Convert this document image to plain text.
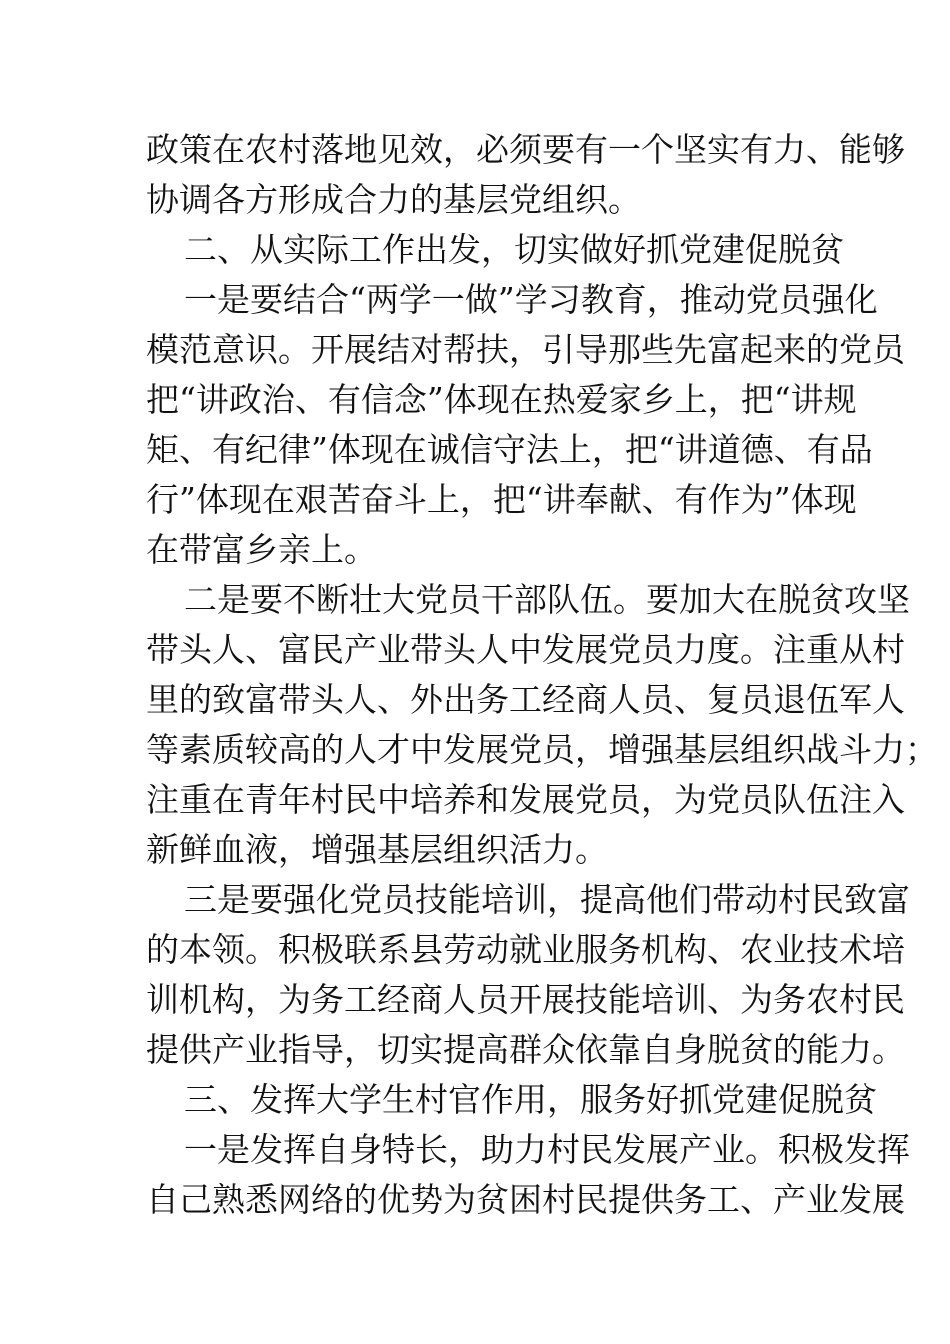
政策在农村落地见效，必须要有一个坚实有力、能够
协调各方形成合力的基层党组织。
二、从实际工作出发，切实做好抓党建促脱贫
一是要结合“两学一做”学习教育，推动党员强化
模范意识。开展结对帮扶，引导那些先富起来的党员
把“讲政治、有信念”体现在热爱家乡上，把“讲规
矩、有纪律”体现在诚信守法上，把“讲道德、有品
行”体现在艰苦奋斗上，把“讲奉献、有作为”体现
在带富乡亲上。
二是要不断壮大党员干部队伍。要加大在脱贫攻坚
带头人、富民产业带头人中发展党员力度。注重从村
里的致富带头人、外出务工经商人员、复员退伍军人
等素质较高的人才中发展党员，增强基层组织战斗力；
注重在青年村民中培养和发展党员，为党员队伍注入
新鲜血液，增强基层组织活力。
三是要强化党员技能培训，提高他们带动村民致富
的本领。积极联系县劳动就业服务机构、农业技术培
训机构，为务工经商人员开展技能培训、为务农村民
提供产业指导，切实提高群众依靠自身脱贫的能力。
三、发挥大学生村官作用，服务好抓党建促脱贫
一是发挥自身特长，助力村民发展产业。积极发挥
自己熟悉网络的优势为贫困村民提供务工、产业发展
